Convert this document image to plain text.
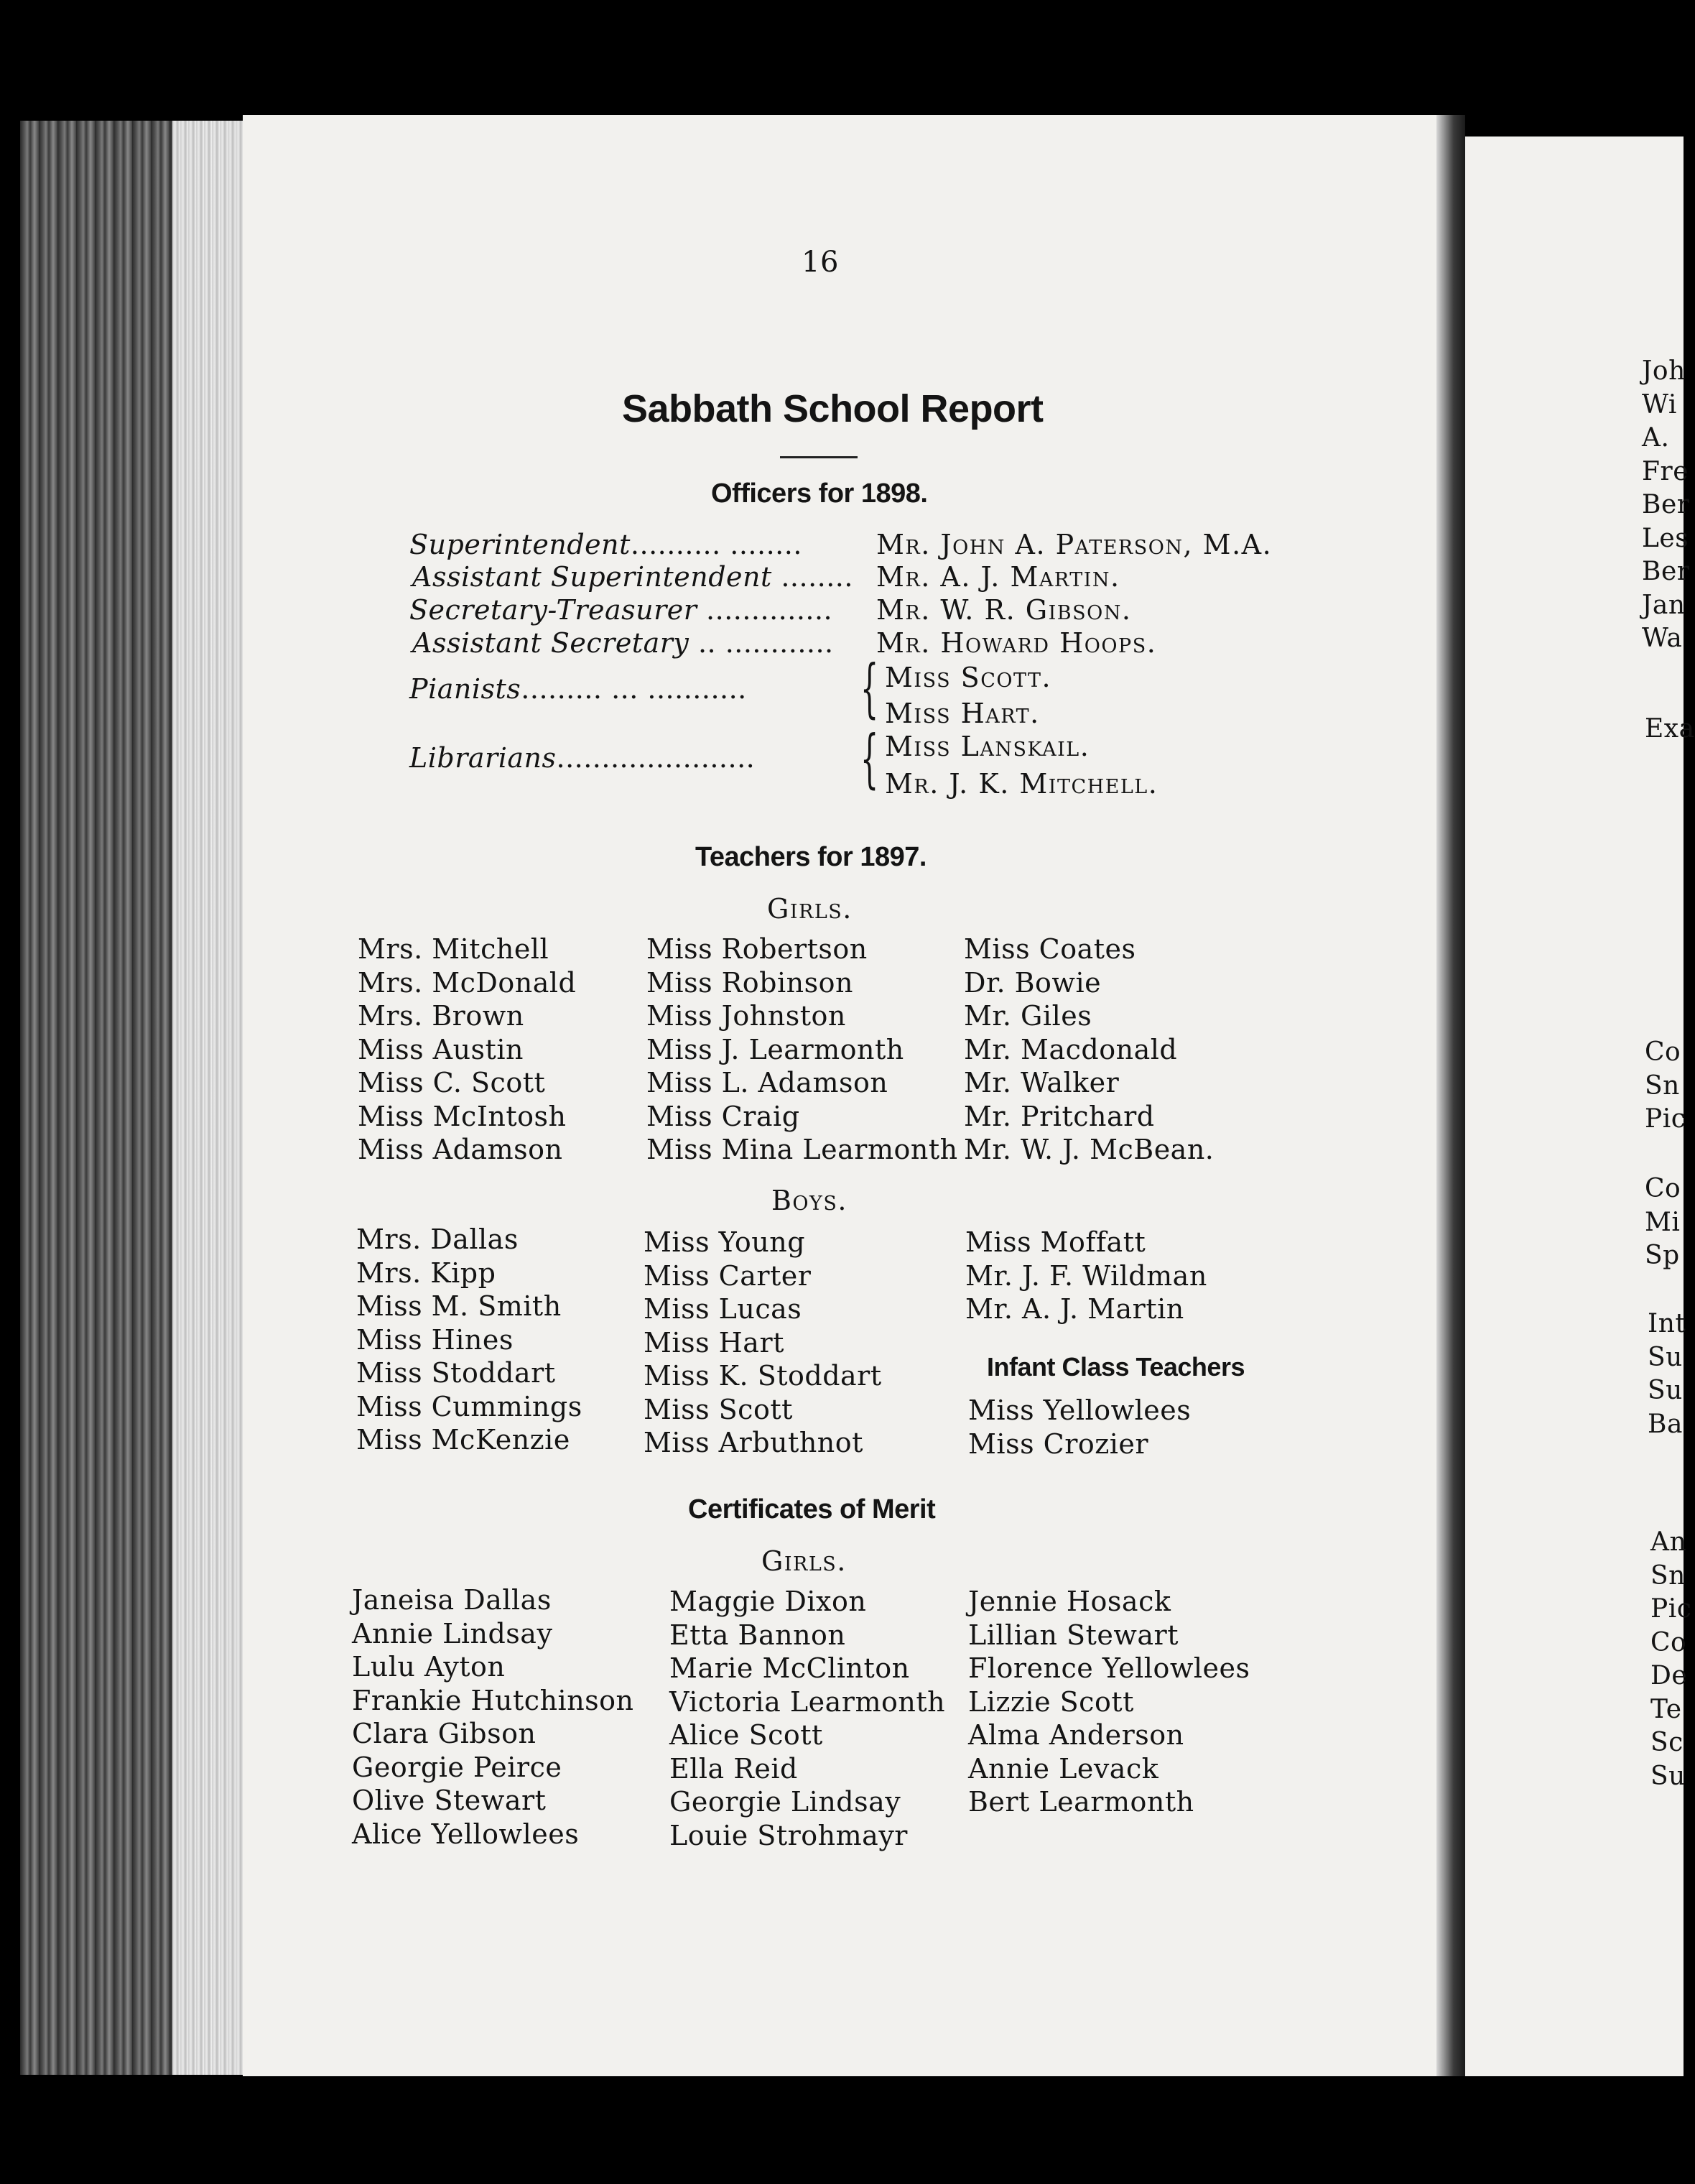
16
Sabbath School Report
Officers for 1898.
Superintendent.......... ........	Mr. John A. Paterson, M.A.
Assistant Superintendent ........ Mr. A. J. Martin.
Secretary-Treasurer .............. Mr. W. R. Gibson.
Assistant Secretary .. ............ Mr. Howard Hoops.
Pianists......... ... ........... { Miss Scott.
Miss Hart.
Librarians...................... { Miss Lanskail.
Mr. J. K. Mitchell.
Teachers for 1897.
Girls.
Mrs. Mitchell
Mrs. McDonald
Mrs. Brown
Miss Austin
Miss C. Scott
Miss McIntosh
Miss Adamson
Miss Robertson
Miss Robinson
Miss Johnston
Miss J. Learmonth
Miss L. Adamson
Miss Craig
Miss Mina Learmonth
Miss Coates
Dr. Bowie
Mr. Giles
Mr. Macdonald
Mr. Walker
Mr. Pritchard
Mr. W. J. McBean.
Boys.
Mrs. Dallas
Mrs. Kipp
Miss M. Smith
Miss Hines
Miss Stoddart
Miss Cummings
Miss McKenzie
Miss Young
Miss Carter
Miss Lucas
Miss Hart
Miss K. Stoddart
Miss Scott
Miss Arbuthnot
Miss Moffatt
Mr. J. F. Wildman
Mr. A. J. Martin
Infant Class Teachers
Miss Yellowlees
Miss Crozier
Certificates of Merit
Girls.
Janeisa Dallas
Annie Lindsay
Lulu Ayton
Frankie Hutchinson
Clara Gibson
Georgie Peirce
Olive Stewart
Alice Yellowlees
Maggie Dixon
Etta Bannon
Marie McClinton
Victoria Learmonth
Alice Scott
Ella Reid
Georgie Lindsay
Louie Strohmayr
Jennie Hosack
Lillian Stewart
Florence Yellowlees
Lizzie Scott
Alma Anderson
Annie Levack
Bert Learmonth
Joh
Wi
A.
Fre
Ber
Les
Ber
Jan
Wa
Exa
Co
Sn
Pic
Co
Mi
Sp
Int
Su
Su
Ba
An
Sn
Pic
Co
De
Te
Sc
Su
